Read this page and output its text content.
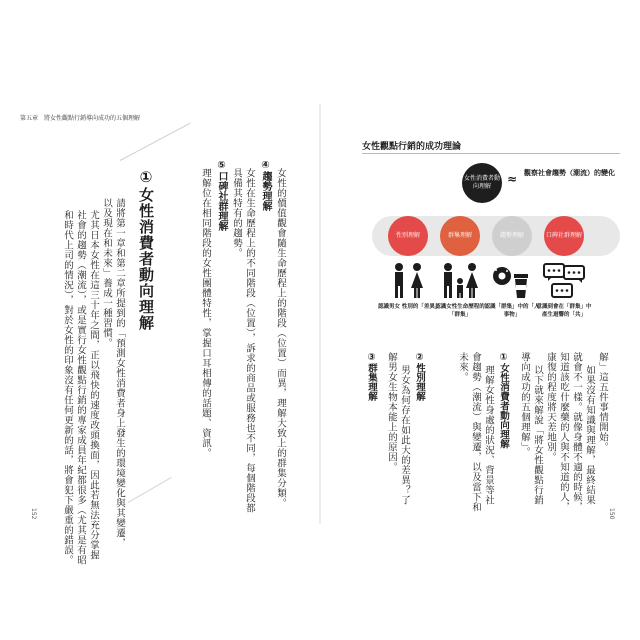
第五章　將女性觀點行銷導向成功的五個理解
①女性消費者動向理解
請將第一章和第二章所提到的「預測女性消費者身上發生的環境變化與其變遷，
以及現在和未來」養成一種習慣。
尤其日本女性在這三十年之間，正以飛快的速度改頭換面，因此若無法充分掌握
社會的趨勢（潮流），或是實行女性觀點行銷的專家成員年紀都很多（尤其是有昭
和時代上司的情況），對於女性的印象沒有任何更新的話，將會犯下嚴重的錯誤。
④趨勢理解 女性的價值觀會隨生命歷程上的階段（位置）而異，理解大致上的群集分類。
女性在生命歷程上的不同階段（位置），訴求的商品或服務也不同，每個階段都
具備其特有的趨勢。
⑤口碑社群理解
理解位在相同階段的女性團體特性，掌握口耳相傳的話題、資訊。
152
女性觀點行銷的成功理論
女性消費者動向理解
≈ 觀察社會趨勢（潮流）的變化
性別理解	群集理解	趨勢理解	口碑社群理解
認識男女 性別的「差異」
認識女性生命歷程的「群集」
認識「群集」中的「人事物」
意識到會在「群集」中產生迴響的「共」
解」這五件事情開始。
如果沒有知識與理解，最終結果
就會不一樣。就像身體不適的時候，
知道該吃什麼藥的人與不知道的人，
康復的程度將天差地別。
以下就來解說「將女性觀點行銷
導向成功的五個理解」。
①女性消費者動向理解
理解女性身處的狀況、背景等社
會趨勢（潮流）與變遷，以及當下和
未來。
②性別理解
男女為何存在如此大的差異？了
解男女生物本能上的原因。
③群集理解
150
